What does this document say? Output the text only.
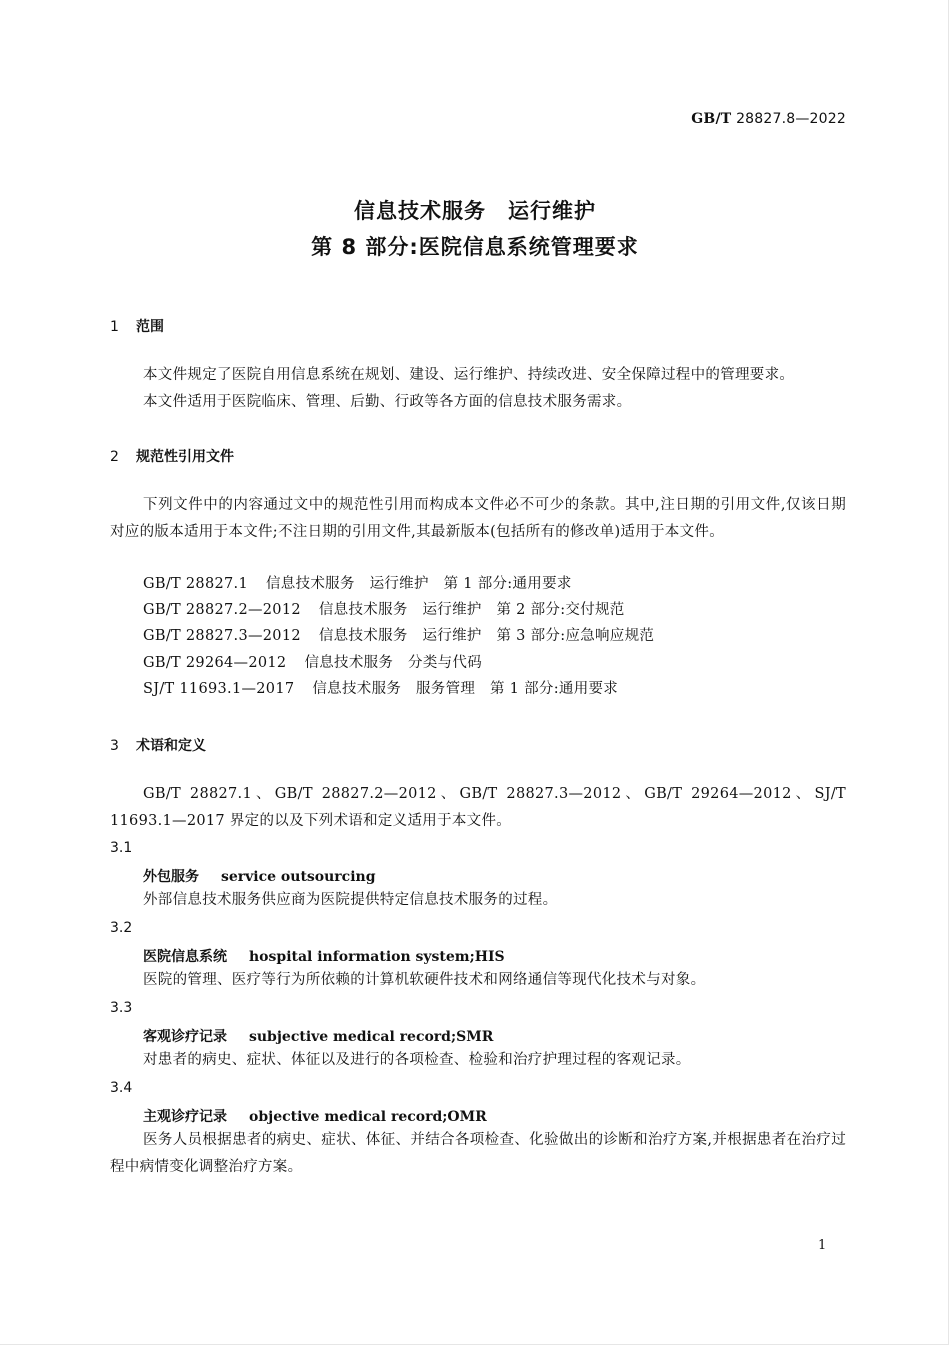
GB/T 28827.8—2022
信息技术服务　运行维护
第 8 部分:医院信息系统管理要求
1 范围
本文件规定了医院自用信息系统在规划、建设、运行维护、持续改进、安全保障过程中的管理要求。
本文件适用于医院临床、管理、后勤、行政等各方面的信息技术服务需求。
2 规范性引用文件
下列文件中的内容通过文中的规范性引用而构成本文件必不可少的条款。其中,注日期的引用文件,仅该日期对应的版本适用于本文件;不注日期的引用文件,其最新版本(包括所有的修改单)适用于本文件。
GB/T 28827.1 信息技术服务　运行维护　第 1 部分:通用要求
GB/T 28827.2—2012 信息技术服务　运行维护　第 2 部分:交付规范
GB/T 28827.3—2012 信息技术服务　运行维护　第 3 部分:应急响应规范
GB/T 29264—2012 信息技术服务　分类与代码
SJ/T 11693.1—2017 信息技术服务　服务管理　第 1 部分:通用要求
3 术语和定义
GB/T 28827.1、GB/T 28827.2—2012、GB/T 28827.3—2012、GB/T 29264—2012、SJ/T 11693.1—2017 界定的以及下列术语和定义适用于本文件。
3.1
外包服务 service outsourcing
外部信息技术服务供应商为医院提供特定信息技术服务的过程。
3.2
医院信息系统 hospital information system;HIS
医院的管理、医疗等行为所依赖的计算机软硬件技术和网络通信等现代化技术与对象。
3.3
客观诊疗记录 subjective medical record;SMR
对患者的病史、症状、体征以及进行的各项检查、检验和治疗护理过程的客观记录。
3.4
主观诊疗记录 objective medical record;OMR
医务人员根据患者的病史、症状、体征、并结合各项检查、化验做出的诊断和治疗方案,并根据患者在治疗过程中病情变化调整治疗方案。
1
